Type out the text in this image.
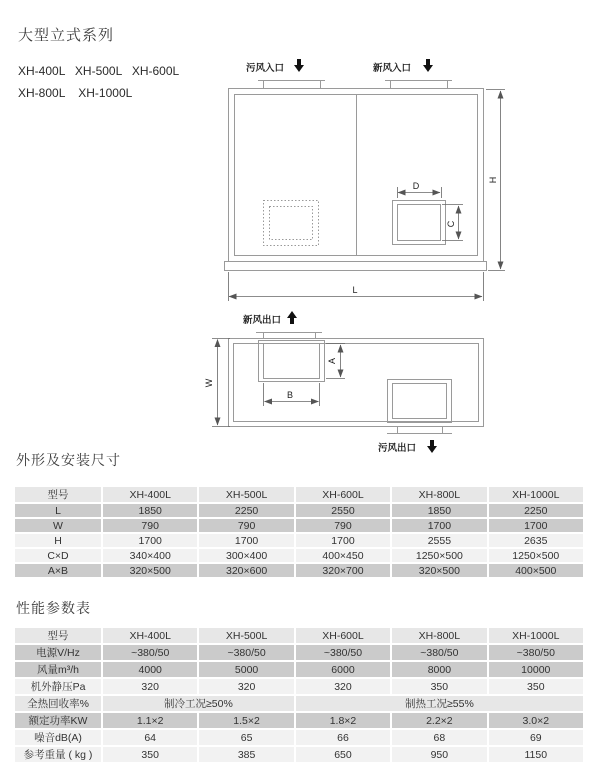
大型立式系列
XH-400L   XH-500L   XH-600L
XH-800L    XH-1000L
污风入口	新风入口
D
C
H
L
新风出口
污风出口
W
A
B
外形及安装尺寸
型号	XH-400L	XH-500L	XH-600L	XH-800L	XH-1000L
L	1850	2250	2550	1850	2250
W	790	790	790	1700	1700
H	1700	1700	1700	2555	2635
C×D	340×400	300×400	400×450	1250×500	1250×500
A×B	320×500	320×600	320×700	320×500	400×500
性能参数表
型号	XH-400L	XH-500L	XH-600L	XH-800L	XH-1000L
电源V/Hz	~380/50	~380/50	~380/50	~380/50	~380/50
风量m³/h	4000	5000	6000	8000	10000
机外静压Pa	320	320	320	350	350
全热回收率%	制冷工况≥50%		制热工况≥55%		
额定功率KW	1.1×2	1.5×2	1.8×2	2.2×2	3.0×2
噪音dB(A)	64	65	66	68	69
参考重量 ( kg )	350	385	650	950	1150
